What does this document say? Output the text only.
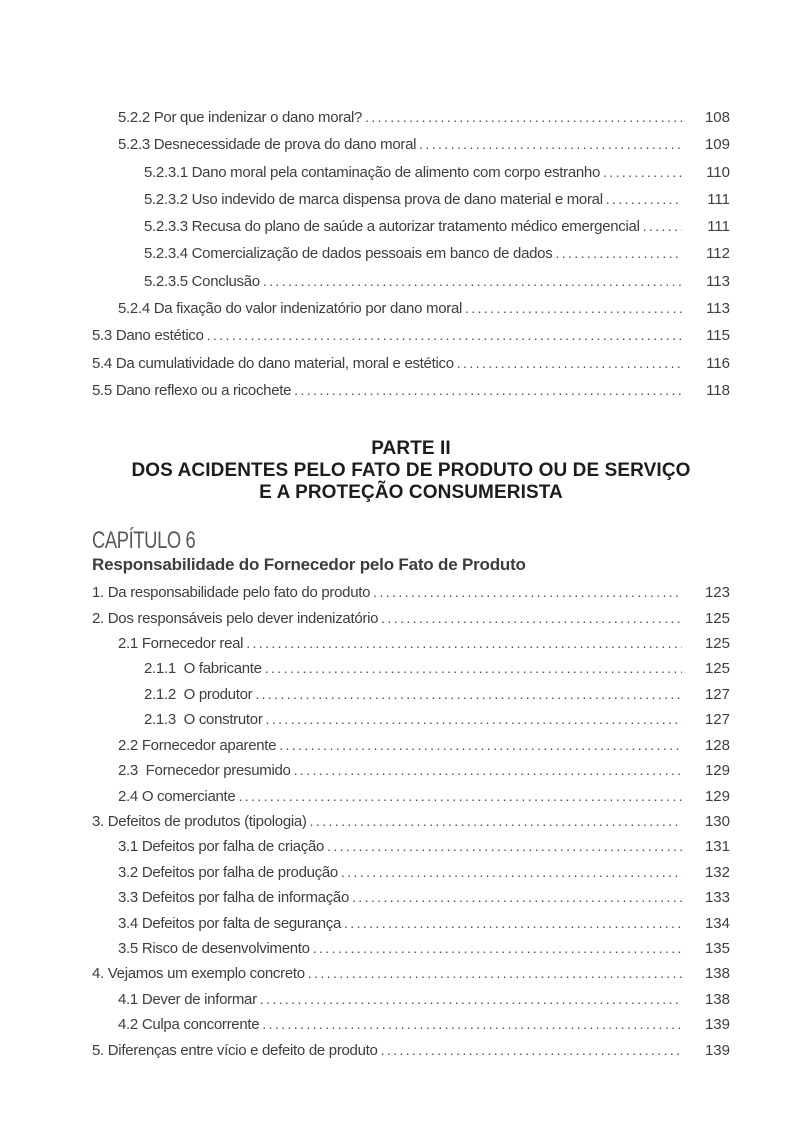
5.2.2 Por que indenizar o dano moral? .....	108
5.2.3 Desnecessidade de prova do dano moral .....	109
5.2.3.1 Dano moral pela contaminação de alimento com corpo estranho .....	110
5.2.3.2 Uso indevido de marca dispensa prova de dano material e moral .....	111
5.2.3.3 Recusa do plano de saúde a autorizar tratamento médico emergencial .....	111
5.2.3.4 Comercialização de dados pessoais em banco de dados .....	112
5.2.3.5 Conclusão .....	113
5.2.4 Da fixação do valor indenizatório por dano moral .....	113
5.3 Dano estético .....	115
5.4 Da cumulatividade do dano material, moral e estético .....	116
5.5 Dano reflexo ou a ricochete .....	118
PARTE II
DOS ACIDENTES PELO FATO DE PRODUTO OU DE SERVIÇO
E A PROTEÇÃO CONSUMERISTA
CAPÍTULO 6
Responsabilidade do Fornecedor pelo Fato de Produto
1. Da responsabilidade pelo fato do produto .....	123
2. Dos responsáveis pelo dever indenizatório .....	125
2.1 Fornecedor real .....	125
2.1.1  O fabricante .....	125
2.1.2  O produtor .....	127
2.1.3  O construtor .....	127
2.2 Fornecedor aparente .....	128
2.3  Fornecedor presumido .....	129
2.4 O comerciante .....	129
3. Defeitos de produtos (tipologia) .....	130
3.1 Defeitos por falha de criação .....	131
3.2 Defeitos por falha de produção .....	132
3.3 Defeitos por falha de informação .....	133
3.4 Defeitos por falta de segurança .....	134
3.5 Risco de desenvolvimento .....	135
4. Vejamos um exemplo concreto .....	138
4.1 Dever de informar .....	138
4.2 Culpa concorrente .....	139
5. Diferenças entre vício e defeito de produto .....	139
